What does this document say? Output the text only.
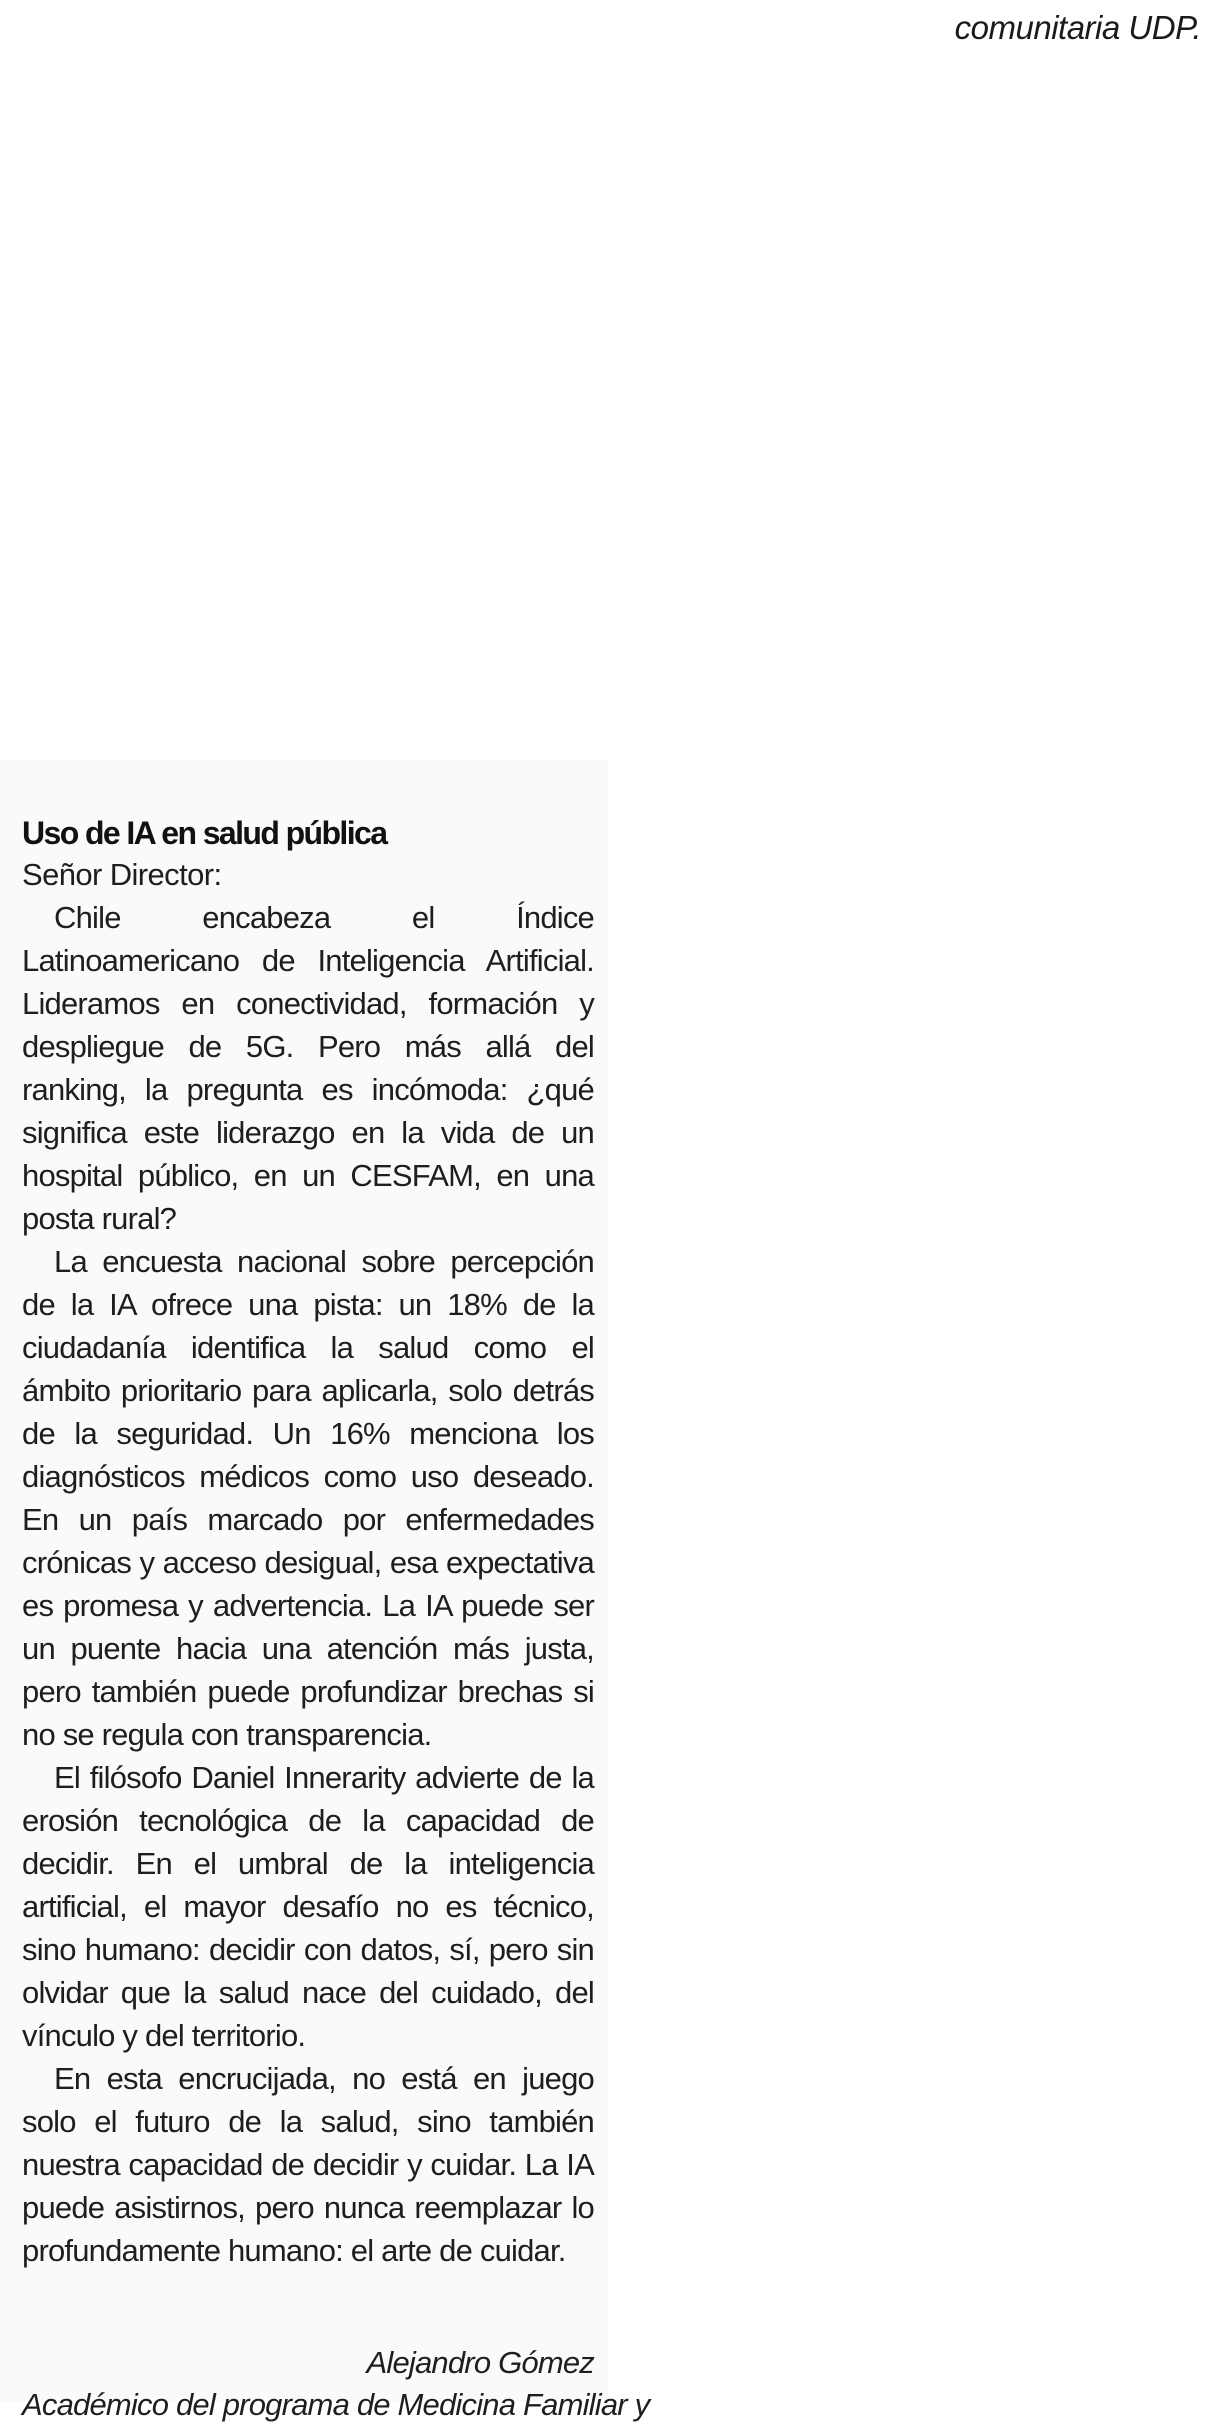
comunitaria UDP.
Uso de IA en salud pública

Señor Director:

Chile encabeza el Índice Latinoamericano de Inteligencia Artificial. Lideramos en conectividad, formación y despliegue de 5G. Pero más allá del ranking, la pregunta es incómoda: ¿qué significa este liderazgo en la vida de un hospital público, en un CESFAM, en una posta rural?

La encuesta nacional sobre percepción de la IA ofrece una pista: un 18% de la ciudadanía identifica la salud como el ámbito prioritario para aplicarla, solo detrás de la seguridad. Un 16% menciona los diagnósticos médicos como uso deseado. En un país marcado por enfermedades crónicas y acceso desigual, esa expectativa es promesa y advertencia. La IA puede ser un puente hacia una atención más justa, pero también puede profundizar brechas si no se regula con transparencia.

El filósofo Daniel Innerarity advierte de la erosión tecnológica de la capacidad de decidir. En el umbral de la inteligencia artificial, el mayor desafío no es técnico, sino humano: decidir con datos, sí, pero sin olvidar que la salud nace del cuidado, del vínculo y del territorio.

En esta encrucijada, no está en juego solo el futuro de la salud, sino también nuestra capacidad de decidir y cuidar. La IA puede asistirnos, pero nunca reemplazar lo profundamente humano: el arte de cuidar.

Alejandro Gómez
Académico del programa de Medicina Familiar y
